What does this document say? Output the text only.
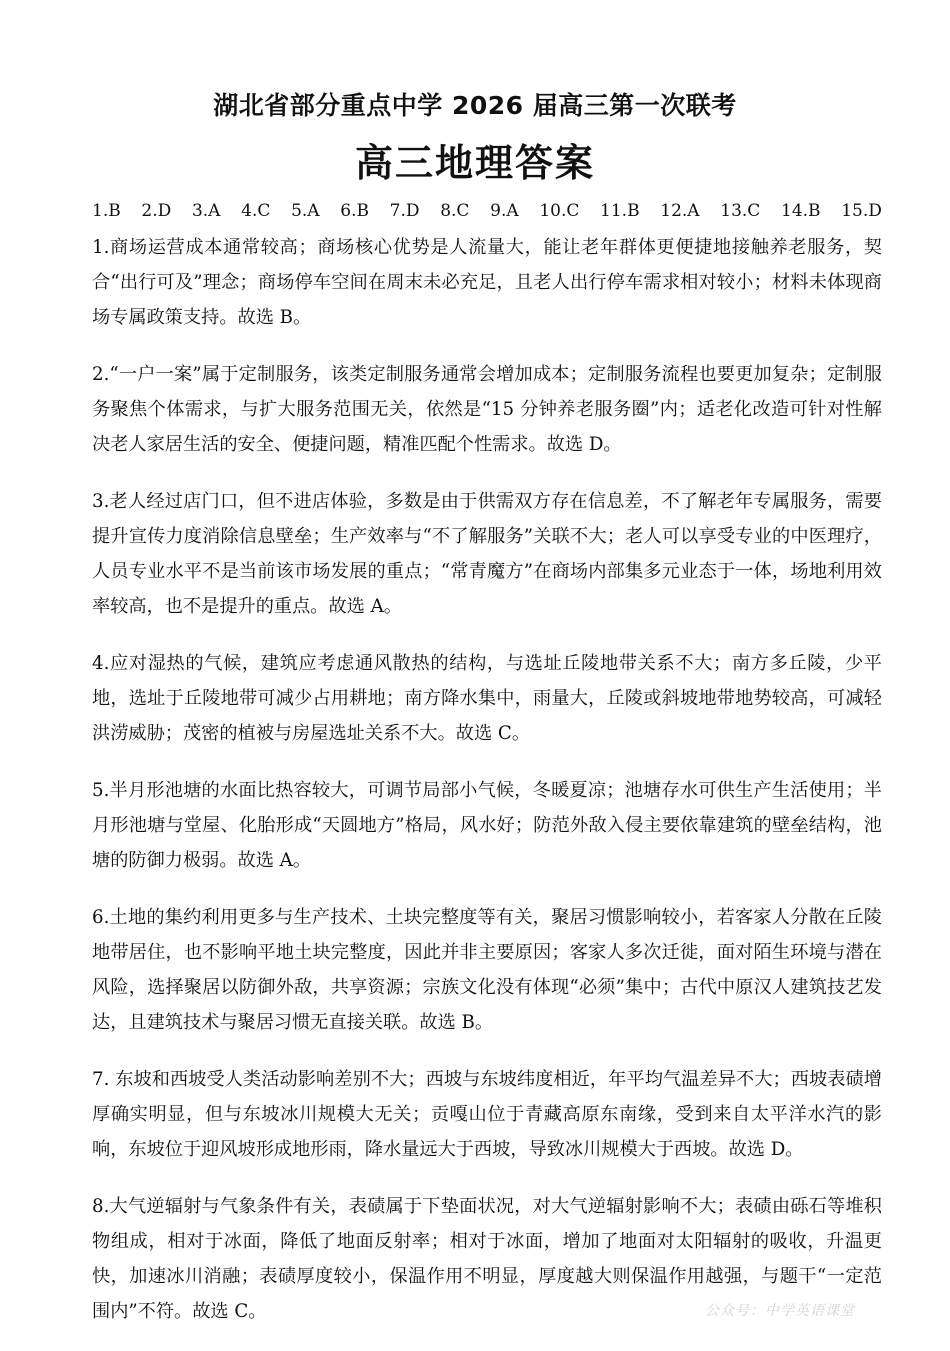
湖北省部分重点中学 2026 届高三第一次联考
高三地理答案
1.B 2.D 3.A 4.C 5.A 6.B 7.D 8.C 9.A 10.C 11.B 12.A 13.C 14.B 15.D

1.商场运营成本通常较高；商场核心优势是人流量大，能让老年群体更便捷地接触养老服务，契合“出行可及”理念；商场停车空间在周末未必充足，且老人出行停车需求相对较小；材料未体现商场专属政策支持。故选 B。

2.“一户一案”属于定制服务，该类定制服务通常会增加成本；定制服务流程也要更加复杂；定制服务聚焦个体需求，与扩大服务范围无关，依然是“15 分钟养老服务圈”内；适老化改造可针对性解决老人家居生活的安全、便捷问题，精准匹配个性需求。故选 D。

3.老人经过店门口，但不进店体验，多数是由于供需双方存在信息差，不了解老年专属服务，需要提升宣传力度消除信息壁垒；生产效率与“不了解服务”关联不大；老人可以享受专业的中医理疗，人员专业水平不是当前该市场发展的重点；“常青魔方”在商场内部集多元业态于一体，场地利用效率较高，也不是提升的重点。故选 A。

4.应对湿热的气候，建筑应考虑通风散热的结构，与选址丘陵地带关系不大；南方多丘陵，少平地，选址于丘陵地带可减少占用耕地；南方降水集中，雨量大，丘陵或斜坡地带地势较高，可减轻洪涝威胁；茂密的植被与房屋选址关系不大。故选 C。

5.半月形池塘的水面比热容较大，可调节局部小气候，冬暖夏凉；池塘存水可供生产生活使用；半月形池塘与堂屋、化胎形成“天圆地方”格局，风水好；防范外敌入侵主要依靠建筑的壁垒结构，池塘的防御力极弱。故选 A。

6.土地的集约利用更多与生产技术、土块完整度等有关，聚居习惯影响较小，若客家人分散在丘陵地带居住，也不影响平地土块完整度，因此并非主要原因；客家人多次迁徙，面对陌生环境与潜在风险，选择聚居以防御外敌，共享资源；宗族文化没有体现“必须”集中；古代中原汉人建筑技艺发达，且建筑技术与聚居习惯无直接关联。故选 B。

7. 东坡和西坡受人类活动影响差别不大；西坡与东坡纬度相近，年平均气温差异不大；西坡表碛增厚确实明显，但与东坡冰川规模大无关；贡嘎山位于青藏高原东南缘，受到来自太平洋水汽的影响，东坡位于迎风坡形成地形雨，降水量远大于西坡，导致冰川规模大于西坡。故选 D。

8.大气逆辐射与气象条件有关，表碛属于下垫面状况，对大气逆辐射影响不大；表碛由砾石等堆积物组成，相对于冰面，降低了地面反射率；相对于冰面，增加了地面对太阳辐射的吸收，升温更快，加速冰川消融；表碛厚度较小，保温作用不明显，厚度越大则保温作用越强，与题干“一定范围内”不符。故选 C。	公众号：中学英语课堂
